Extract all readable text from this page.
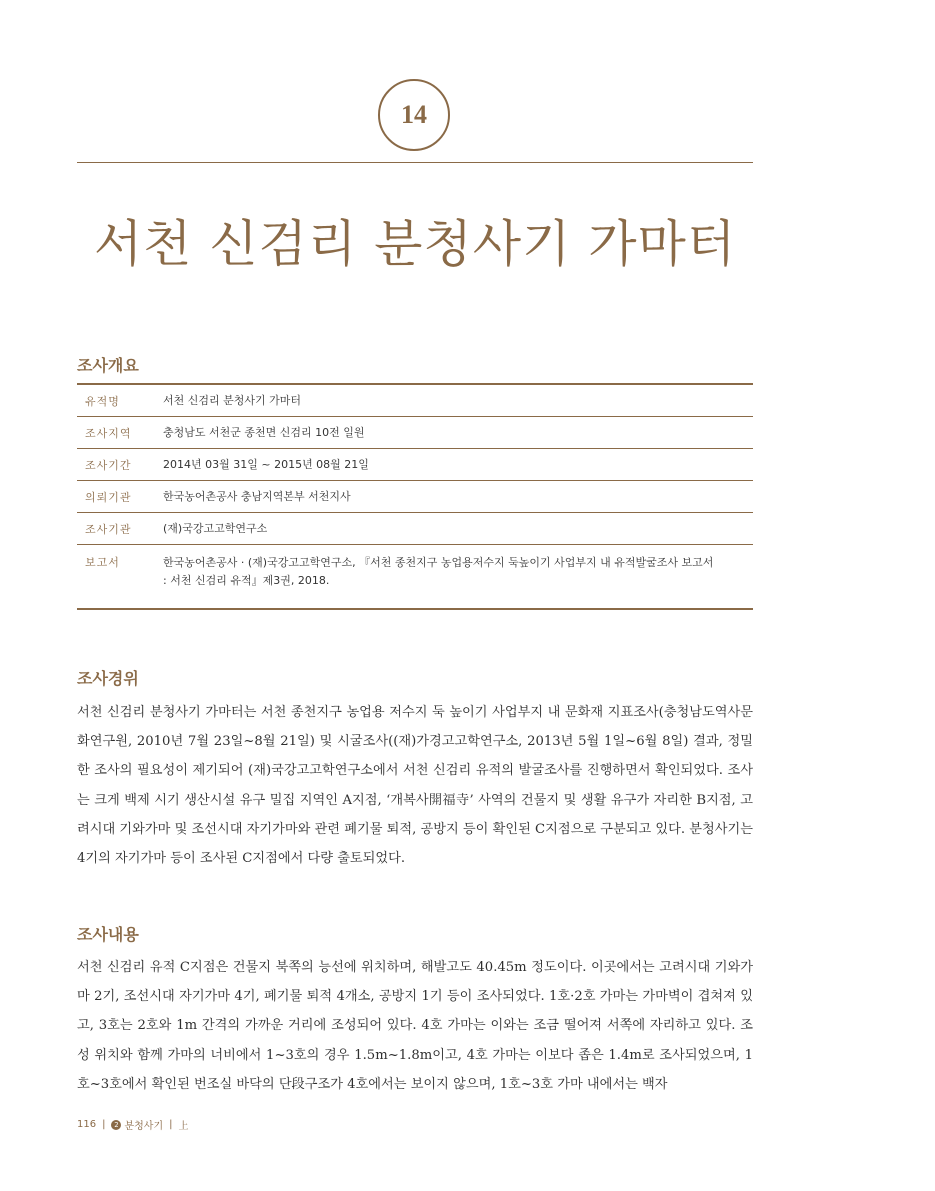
14
서천 신검리 분청사기 가마터
조사개요
유적명	서천 신검리 분청사기 가마터
조사지역	충청남도 서천군 종천면 신검리 10전 일원
조사기간	2014년 03월 31일 ~ 2015년 08월 21일
의뢰기관	한국농어촌공사 충남지역본부 서천지사
조사기관	(재)국강고고학연구소
보고서	한국농어촌공사 · (재)국강고고학연구소, 『서천 종천지구 농업용저수지 둑높이기 사업부지 내 유적발굴조사 보고서
: 서천 신검리 유적』제3권, 2018.
조사경위

서천 신검리 분청사기 가마터는 서천 종천지구 농업용 저수지 둑 높이기 사업부지 내 문화재 지표조사(충청남도역사문화연구원, 2010년 7월 23일~8월 21일) 및 시굴조사((재)가경고고학연구소, 2013년 5월 1일~6월 8일) 결과, 정밀한 조사의 필요성이 제기되어 (재)국강고고학연구소에서 서천 신검리 유적의 발굴조사를 진행하면서 확인되었다. 조사는 크게 백제 시기 생산시설 유구 밀집 지역인 A지점, ‘개복사開福寺’ 사역의 건물지 및 생활 유구가 자리한 B지점, 고려시대 기와가마 및 조선시대 자기가마와 관련 폐기물 퇴적, 공방지 등이 확인된 C지점으로 구분되고 있다. 분청사기는 4기의 자기가마 등이 조사된 C지점에서 다량 출토되었다.

조사내용

서천 신검리 유적 C지점은 건물지 북쪽의 능선에 위치하며, 해발고도 40.45m 정도이다. 이곳에서는 고려시대 기와가마 2기, 조선시대 자기가마 4기, 폐기물 퇴적 4개소, 공방지 1기 등이 조사되었다. 1호·2호 가마는 가마벽이 겹쳐져 있고, 3호는 2호와 1m 간격의 가까운 거리에 조성되어 있다. 4호 가마는 이와는 조금 떨어져 서쪽에 자리하고 있다. 조성 위치와 함께 가마의 너비에서 1~3호의 경우 1.5m~1.8m이고, 4호 가마는 이보다 좁은 1.4m로 조사되었으며, 1호~3호에서 확인된 번조실 바닥의 단段구조가 4호에서는 보이지 않으며, 1호~3호 가마 내에서는 백자

116 |	2 분청사기 | 上
